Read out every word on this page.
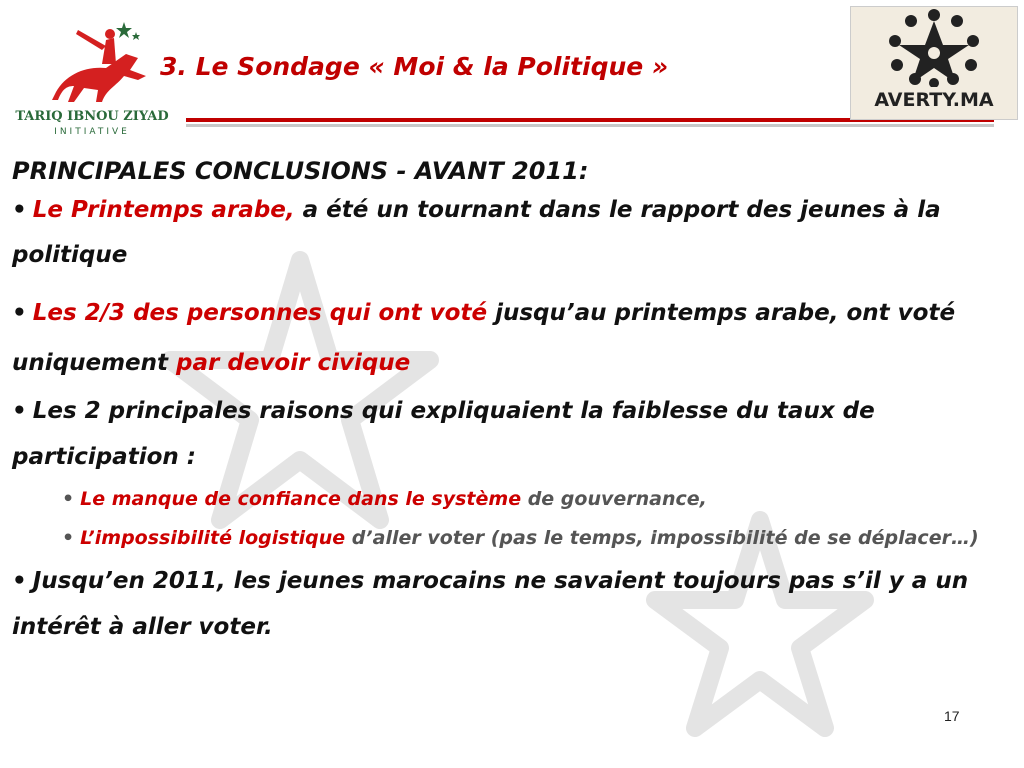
TARIQ IBNOU ZIYAD
INITIATIVE
3. Le Sondage « Moi & la Politique »
AVERTY.MA

PRINCIPALES CONCLUSIONS - AVANT 2011:

• Le Printemps arabe, a été un tournant dans le rapport des jeunes à la politique

• Les 2/3 des personnes qui ont voté jusqu’au printemps arabe, ont voté uniquement par devoir civique

• Les 2 principales raisons qui expliquaient la faiblesse du taux de participation :

• Le manque de confiance dans le système de gouvernance,

• L’impossibilité logistique d’aller voter (pas le temps, impossibilité de se déplacer…)

• Jusqu’en 2011, les jeunes marocains ne savaient toujours pas s’il y a un intérêt à aller voter.

17
